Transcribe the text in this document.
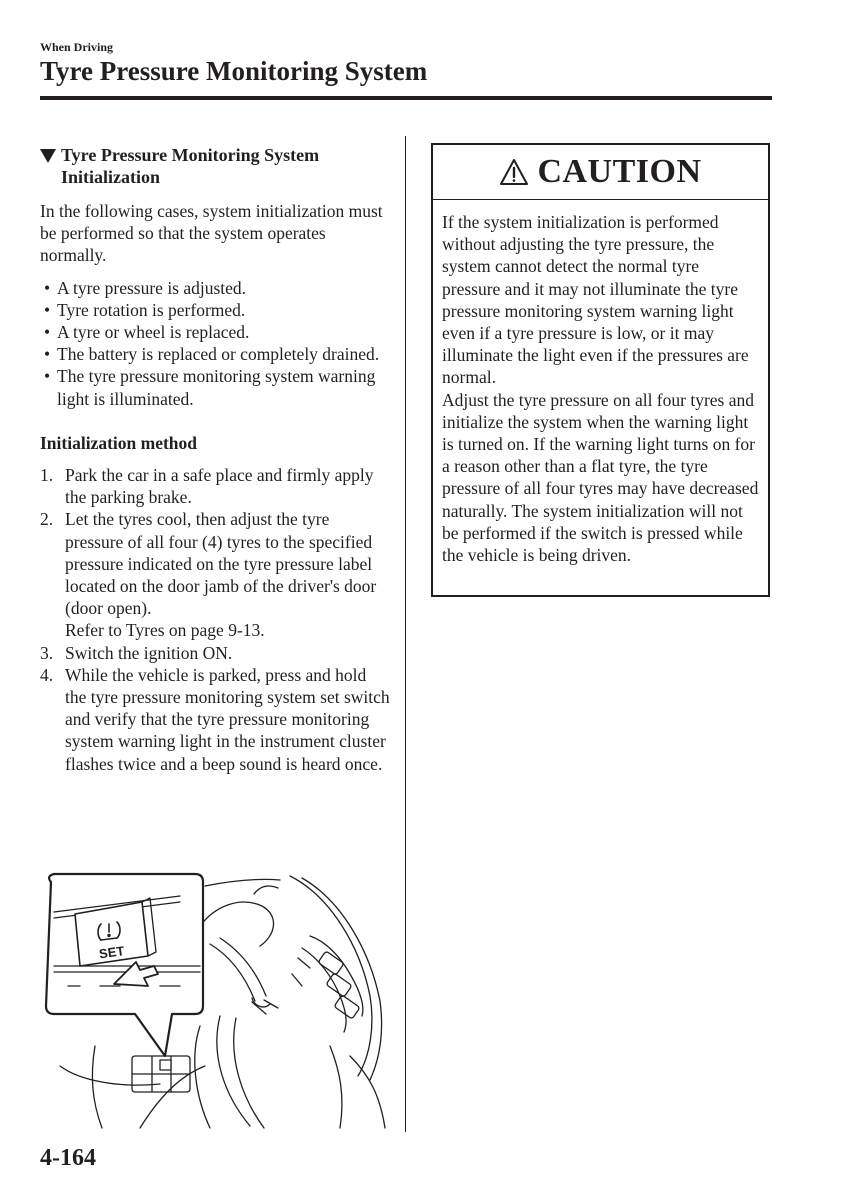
When Driving
Tyre Pressure Monitoring System
Tyre Pressure Monitoring System Initialization

In the following cases, system initialization must be performed so that the system operates normally.

• A tyre pressure is adjusted.
• Tyre rotation is performed.
• A tyre or wheel is replaced.
• The battery is replaced or completely drained.
• The tyre pressure monitoring system warning light is illuminated.
Initialization method
1. Park the car in a safe place and firmly apply the parking brake.
2. Let the tyres cool, then adjust the tyre pressure of all four (4) tyres to the specified pressure indicated on the tyre pressure label located on the door jamb of the driver's door (door open).
Refer to Tyres on page 9-13.
3. Switch the ignition ON.
4. While the vehicle is parked, press and hold the tyre pressure monitoring system set switch and verify that the tyre pressure monitoring system warning light in the instrument cluster flashes twice and a beep sound is heard once.
SET
CAUTION

If the system initialization is performed without adjusting the tyre pressure, the system cannot detect the normal tyre pressure and it may not illuminate the tyre pressure monitoring system warning light even if a tyre pressure is low, or it may illuminate the light even if the pressures are normal.

Adjust the tyre pressure on all four tyres and initialize the system when the warning light is turned on. If the warning light turns on for a reason other than a flat tyre, the tyre pressure of all four tyres may have decreased naturally. The system initialization will not be performed if the switch is pressed while the vehicle is being driven.

4-164
